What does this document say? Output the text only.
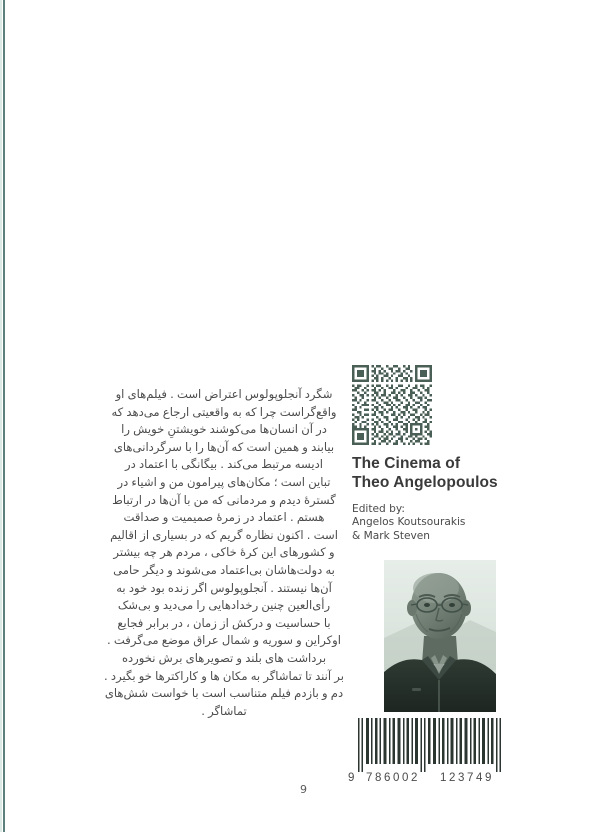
شگرد آنجلوپولوس اعتراض است . فیلم‌های او
واقع‌گراست چرا که به واقعیتی ارجاع می‌دهد که
در آن انسان‌ها می‌کوشند خویشتنِ خویش را
بیابند و همین است که آن‌ها را با سرگردانی‌های
ادیسه مرتبط می‌کند . بیگانگی با اعتماد در
تباین است ؛ مکان‌های پیرامون من و اشیاء در
گسترۀ دیدم و مردمانی که من با آن‌ها در ارتباط
هستم . اعتماد در زمرۀ صمیمیت و صداقت
است . اکنون نظاره گریم که در بسیاری از اقالیم
و کشورهای این کرۀ خاکی ، مردم هر چه بیشتر
به دولت‌هاشان بی‌اعتماد می‌شوند و دیگر حامی
آن‌ها نیستند . آنجلوپولوس اگر زنده بود خود به
رأی‌العین چنین رخدادهایی را می‌دید و بی‌شک
با حساسیت و درکش از زمان ، در برابر فجایع
اوکراین و سوریه و شمال عراق موضع می‌گرفت .
برداشت های بلند و تصویرهای برش نخورده
بر آنند تا تماشاگر به مکان ها و کاراکترها خو بگیرد .
دم و بازدم فیلم متناسب است با خواست شش‌های
تماشاگر .

9
The Cinema of
Theo Angelopoulos
Edited by:
Angelos Koutsourakis
& Mark Steven
9 786002 123749
